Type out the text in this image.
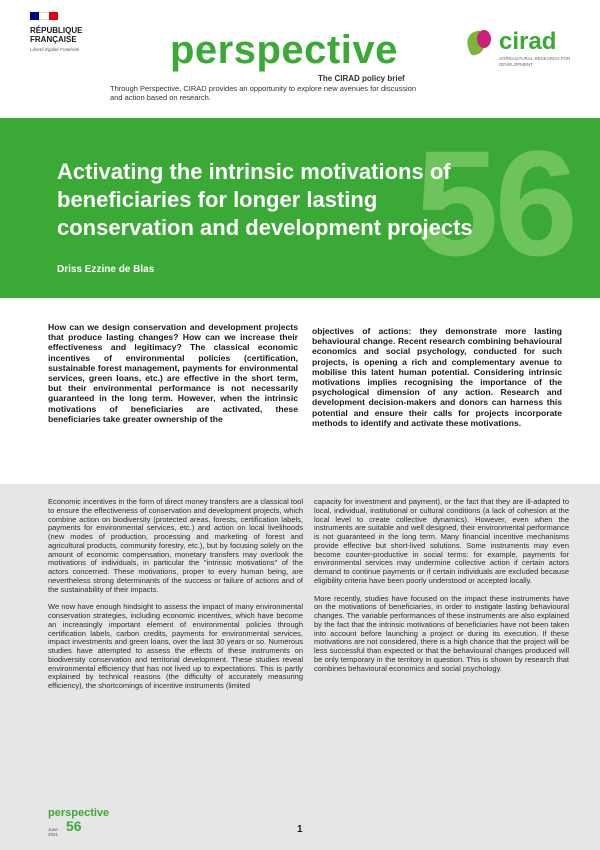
RÉPUBLIQUE FRANÇAISE
Liberté Égalité Fraternité	perspective
The CIRAD policy brief
Through Perspective, CIRAD provides an opportunity to explore new avenues for discussion and action based on research.
cirad
AGRICULTURAL RESEARCH FOR DEVELOPMENT
56
Activating the intrinsic motivations of beneficiaries for longer lasting conservation and development projects
Driss Ezzine de Blas
How can we design conservation and development projects that produce lasting changes? How can we increase their effectiveness and legitimacy? The classical economic incentives of environmental policies (certification, sustainable forest management, payments for environmental services, green loans, etc.) are effective in the short term, but their environmental performance is not necessarily guaranteed in the long term. However, when the intrinsic motivations of beneficiaries are activated, these beneficiaries take greater ownership of the
objectives of actions: they demonstrate more lasting behavioural change. Recent research combining behavioural economics and social psychology, conducted for such projects, is opening a rich and complementary avenue to mobilise this latent human potential. Considering intrinsic motivations implies recognising the importance of the psychological dimension of any action. Research and development decision-makers and donors can harness this potential and ensure their calls for projects incorporate methods to identify and activate these motivations.

Economic incentives in the form of direct money transfers are a classical tool to ensure the effectiveness of conservation and development projects, which combine action on biodiversity (protected areas, forests, certification labels, payments for environmental services, etc.) and action on local livelihoods (new modes of production, processing and marketing of forest and agricultural products, community forestry, etc.), but by focusing solely on the amount of economic compensation, monetary transfers may overlook the motivations of individuals, in particular the "intrinsic motivations" of the actors concerned. These motivations, proper to every human being, are nevertheless strong determinants of the success or failure of actions and of the sustainability of their impacts.

We now have enough hindsight to assess the impact of many environmental conservation strategies, including economic incentives, which have become an increasingly important element of environmental policies through certification labels, carbon credits, payments for environmental services, impact investments and green loans, over the last 30 years or so. Numerous studies have attempted to assess the effects of these instruments on biodiversity conservation and territorial development. These studies reveal environmental efficiency that has not lived up to expectations. This is partly explained by technical reasons (the difficulty of accurately measuring efficiency), the shortcomings of incentive instruments (limited

capacity for investment and payment), or the fact that they are ill-adapted to local, individual, institutional or cultural conditions (a lack of cohesion at the local level to create collective dynamics). However, even when the instruments are suitable and well designed, their environmental performance is not guaranteed in the long term. Many financial incentive mechanisms provide effective but short-lived solutions. Some instruments may even become counter-productive in social terms: for example, payments for environmental services may undermine collective action if certain actors demand to continue payments or if certain individuals are excluded because eligibility criteria have been poorly understood or accepted locally.

More recently, studies have focused on the impact these instruments have on the motivations of beneficiaries, in order to instigate lasting behavioural changes. The variable performances of these instruments are also explained by the fact that the intrinsic motivations of beneficiaries have not been taken into account before launching a project or during its execution. If these motivations are not considered, there is a high chance that the project will be less successful than expected or that the behavioural changes produced will be only temporary in the territory in question. This is shown by research that combines behavioural economics and social psychology.

perspective
June 2021
56	1
